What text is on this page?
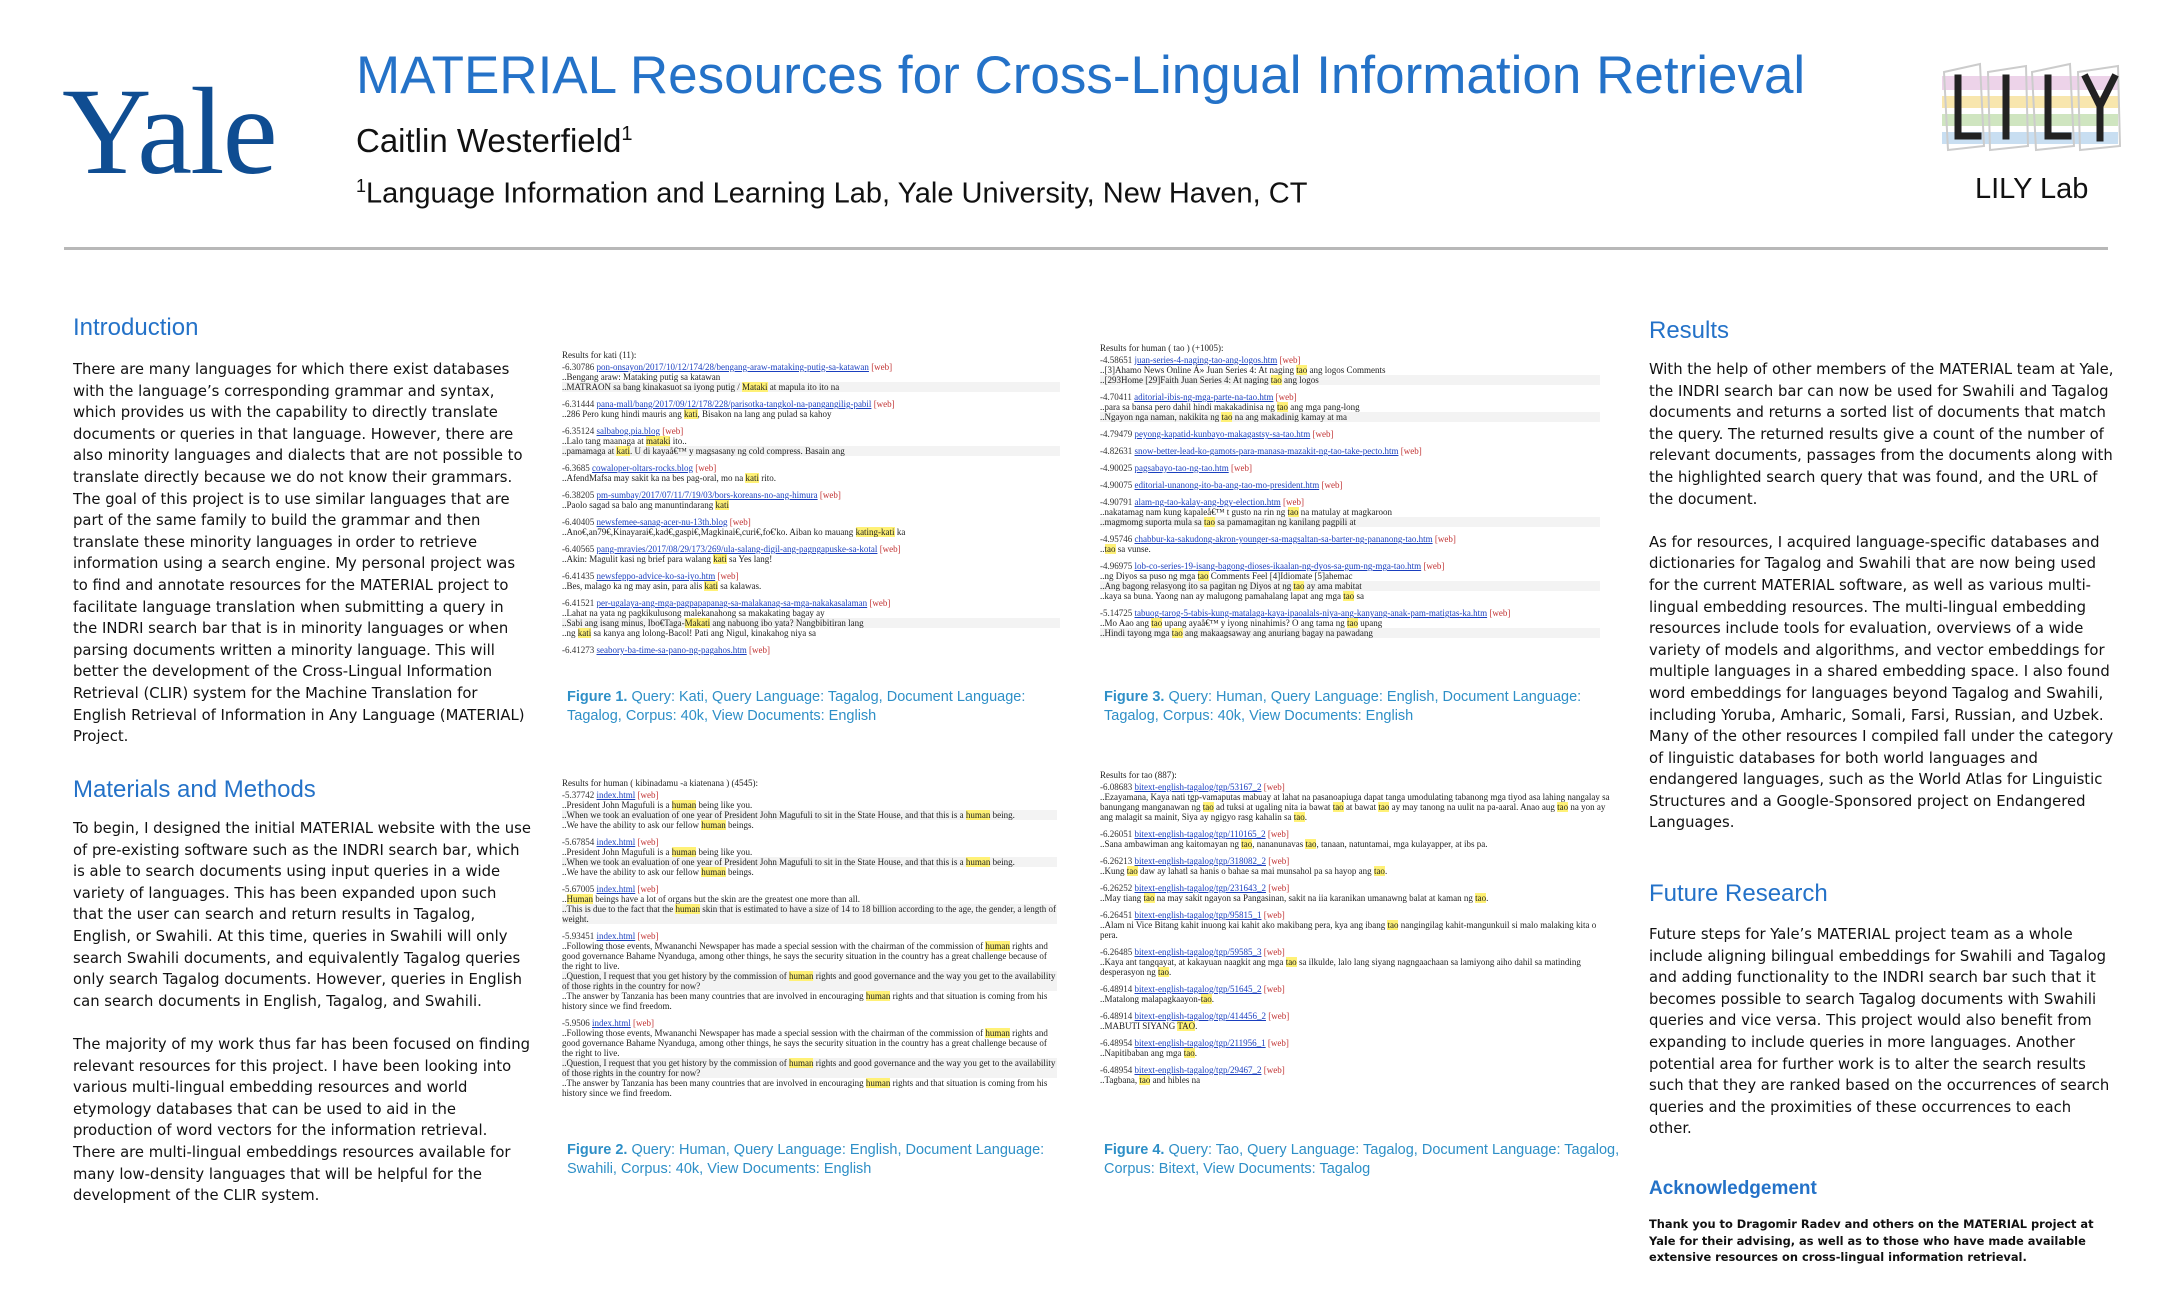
Yale MATERIAL Resources for Cross-Lingual Information Retrieval
Caitlin Westerfield$^1$
$^1$Language Information and Learning Lab, Yale University, New Haven, CT	LILY Lab
Introduction

There are many languages for which there exist databases with the language’s corresponding grammar and syntax, which provides us with the capability to directly translate documents or queries in that language. However, there are also minority languages and dialects that are not possible to translate directly because we do not know their grammars. The goal of this project is to use similar languages that are part of the same family to build the grammar and then translate these minority languages in order to retrieve information using a search engine. My personal project was to find and annotate resources for the MATERIAL project to facilitate language translation when submitting a query in the INDRI search bar that is in minority languages or when parsing documents written a minority language. This will better the development of the Cross-Lingual Information Retrieval (CLIR) system for the Machine Translation for English Retrieval of Information in Any Language (MATERIAL) Project.

Materials and Methods

To begin, I designed the initial MATERIAL website with the use of pre-existing software such as the INDRI search bar, which is able to search documents using input queries in a wide variety of languages. This has been expanded upon such that the user can search and return results in Tagalog, English, or Swahili. At this time, queries in Swahili will only search Swahili documents, and equivalently Tagalog queries only search Tagalog documents. However, queries in English can search documents in English, Tagalog, and Swahili.

The majority of my work thus far has been focused on finding relevant resources for this project. I have been looking into various multi-lingual embedding resources and world etymology databases that can be used to aid in the production of word vectors for the information retrieval. There are multi-lingual embeddings resources available for many low-density languages that will be helpful for the development of the CLIR system.

Results

With the help of other members of the MATERIAL team at Yale, the INDRI search bar can now be used for Swahili and Tagalog documents and returns a sorted list of documents that match the query. The returned results give a count of the number of relevant documents, passages from the documents along with the highlighted search query that was found, and the URL of the document.

As for resources, I acquired language-specific databases and dictionaries for Tagalog and Swahili that are now being used for the current MATERIAL software, as well as various multi-lingual embedding resources. The multi-lingual embedding resources include tools for evaluation, overviews of a wide variety of models and algorithms, and vector embeddings for multiple languages in a shared embedding space. I also found word embeddings for languages beyond Tagalog and Swahili, including Yoruba, Amharic, Somali, Farsi, Russian, and Uzbek. Many of the other resources I compiled fall under the category of linguistic databases for both world languages and endangered languages, such as the World Atlas for Linguistic Structures and a Google-Sponsored project on Endangered Languages.

Future Research

Future steps for Yale’s MATERIAL project team as a whole include aligning bilingual embeddings for Swahili and Tagalog and adding functionality to the INDRI search bar such that it becomes possible to search Tagalog documents with Swahili queries and vice versa. This project would also benefit from expanding to include queries in more languages. Another potential area for further work is to alter the search results such that they are ranked based on the occurrences of search queries and the proximities of these occurrences to each other.

Acknowledgement

Thank you to Dragomir Radev and others on the MATERIAL project at Yale for their advising, as well as to those who have made available extensive resources on cross-lingual information retrieval.

Results for kati (11):
-6.30786 pon-onsayon/2017/10/12/174/28/bengang-araw-mataking-putig-sa-katawan [web]
..Bengang araw: Mataking putig sa katawan
..MATRAON sa bang kinakasuot sa iyong putig / Mataki at mapula ito ito na
-6.31444 pana-mall/bang/2017/09/12/178/228/parisotka-tangkol-na-pangangilig-pabil [web]
..286 Pero kung hindi mauris ang kati, Bisakon na lang ang pulad sa kahoy
-6.35124 salbabog.pia.blog [web]
..Lalo tang maanaga at mataki ito..
..pamamaga at kati. U di kayaå€™ y magsasany ng cold compress. Basain ang
-6.3685 cowaloper-oltars-rocks.blog [web]
..AfendMafsa may sakit ka na bes pag-oral, mo na kati rito.
-6.38205 pm-sumbay/2017/07/11/7/19/03/bors-koreans-no-ang-himura [web]
..Paolo sagad sa balo ang manuntindarang kati
-6.40405 newsfemee-sanag-acer-nu-13th.blog [web]
..Ano€,an79€,Kinayarai€,kad€,gaspi€,Magkinai€,curi€,fo€'ko. Aiban ko mauang kating-kati ka
-6.40565 pang-mravies/2017/08/29/173/269/ula-salang-digil-ang-pagngapuske-sa-kotal [web]
..Akin: Magulit kasi ng brief para walang kati sa Yes lang!
-6.41435 newsfeppo-advice-ko-sa-iyo.htm [web]
..Bes, malago ka ng may asin, para alis kati sa kalawas.
-6.41521 per-ugalaya-ang-mga-pagpapapanag-sa-malakanag-sa-mga-nakakasalaman [web]
..Lahat na yata ng pagkikulusong malekanahong sa makakating bagay ay
..Sabi ang isang minus, Ibo€Taga-Makati ang nabuong ibo yata? Nangbibitiran lang
..ng kati sa kanya ang lolong-Bacol! Pati ang Nigul, kinakahog niya sa
-6.41273 seabory-ba-time-sa-pano-ng-pagahos.htm [web]
Figure 1. Query: Kati, Query Language: Tagalog, Document Language: Tagalog, Corpus: 40k, View Documents: English
Results for human ( tao ) (+1005):
-4.58651 juan-series-4-naging-tao-ang-logos.htm [web]
..[3]Ahamo News Online Á» Juan Series 4: At naging tao ang logos Comments
..[293Home [29]Faith Juan Series 4: At naging tao ang logos
-4.70411 aditorial-ibis-ng-mga-parte-na-tao.htm [web]
..para sa bansa pero dahil hindi makakadinisa ng tao ang mga pang-long
..Ngayon nga naman, nakikita ng tao na ang makadinig kamay at ma
-4.79479 peyong-kapatid-kunbayo-makagastsy-sa-tao.htm [web]
-4.82631 snow-better-lead-ko-gamots-para-manasa-mazakit-ng-tao-take-pecto.htm [web]
-4.90025 pagsabayo-tao-ng-tao.htm [web]
-4.90075 editorial-unanong-ito-ba-ang-tao-mo-president.htm [web]
-4.90791 alam-ng-tao-kalay-ang-bgy-election.htm [web]
..nakatamag nam kung kapaleå€™ t gusto na rin ng tao na matulay at magkaroon
..magmomg suporta mula sa tao sa pamamagitan ng kanilang pagpili at
-4.95746 chabbur-ka-sakudong-akron-younger-sa-magsaltan-sa-barter-ng-pananong-tao.htm [web]
..tao sa vunse.
-4.96975 lob-co-series-19-isang-bagong-dioses-ikaalan-ng-dyos-sa-gum-ng-mga-tao.htm [web]
..ng Diyos sa puso ng mga tao Comments Feel [4]Idiomate [5]ahemac
..Ang bagong relasyong ito sa pagitan ng Diyos at ng tao ay ama mabitat
..kaya sa buna. Yaong nan ay malugong pamahalang lapat ang mga tao sa
-5.14725 tabuog-tarog-5-tabis-kung-matalaga-kaya-ipaoalals-niya-ang-kanyang-anak-pam-matigtas-ka.htm [web]
..Mo Aao ang tao upang ayaå€™ y iyong ninahimis? O ang tama ng tao upang
..Hindi tayong mga tao ang makaagsaway ang anuriang bagay na pawadang
Figure 3. Query: Human, Query Language: English, Document Language: Tagalog, Corpus: 40k, View Documents: English
Results for human ( kibinadamu -a kiatenana ) (4545):
-5.37742 index.html [web]
..President John Magufuli is a human being like you.
..When we took an evaluation of one year of President John Magufuli to sit in the State House, and that this is a human being.
..We have the ability to ask our fellow human beings.
-5.67854 index.html [web]
..President John Magufuli is a human being like you.
..When we took an evaluation of one year of President John Magufuli to sit in the State House, and that this is a human being.
..We have the ability to ask our fellow human beings.
-5.67005 index.html [web]
..Human beings have a lot of organs but the skin are the greatest one more than all.
..This is due to the fact that the human skin that is estimated to have a size of 14 to 18 billion according to the age, the gender, a length of weight.
-5.93451 index.html [web]
..Following those events, Mwananchi Newspaper has made a special session with the chairman of the commission of human rights and good governance Bahame Nyanduga, among other things, he says the security situation in the country has a great challenge because of the right to live.
..Question, I request that you get history by the commission of human rights and good governance and the way you get to the availability of those rights in the country for now?
..The answer by Tanzania has been many countries that are involved in encouraging human rights and that situation is coming from his history since we find freedom.
-5.9506 index.html [web]
..Following those events, Mwananchi Newspaper has made a special session with the chairman of the commission of human rights and good governance Bahame Nyanduga, among other things, he says the security situation in the country has a great challenge because of the right to live.
..Question, I request that you get history by the commission of human rights and good governance and the way you get to the availability of those rights in the country for now?
..The answer by Tanzania has been many countries that are involved in encouraging human rights and that situation is coming from his history since we find freedom.
Figure 2. Query: Human, Query Language: English, Document Language: Swahili, Corpus: 40k, View Documents: English
Results for tao (887):
-6.08683 bitext-english-tagalog/tgp/53167_2 [web]
..Ezayamana, Kaya nati tgp-vamaputas mabuay at lahat na pasanoapiuga dapat tanga umodulating tabanong mga tiyod asa lahing nangalay sa banungang manganawan ng tao ad tuksi at ugaling nita ia bawat tao at bawat tao ay may tanong na uulit na pa-aaral. Anao aug tao na yon ay ang malagit sa mainit, Siya ay ngigyo rasg kahalin sa tao.
-6.26051 bitext-english-tagalog/tgp/110165_2 [web]
..Sana ambawiman ang kaitomayan ng tao, nananunavas tao, tanaan, natuntamai, mga kulayapper, at ibs pa.
-6.26213 bitext-english-tagalog/tgp/318082_2 [web]
..Kung tao daw ay lahatl sa hanis o bahae sa mai munsahol pa sa hayop ang tao.
-6.26252 bitext-english-tagalog/tgp/231643_2 [web]
..May tiang tao na may sakit ngayon sa Pangasinan, sakit na iia karanikan umanawng balat at kaman ng tao.
-6.26451 bitext-english-tagalog/tgp/95815_1 [web]
..Alam ni Vice Bitang kahit inuong kai kahit ako makibang pera, kya ang ibang tao nangingilag kahit-mangunkuil si malo malaking kita o pera.
-6.26485 bitext-english-tagalog/tgp/59585_3 [web]
..Kaya ant tangqayat, at kakayuan naagkit ang mga tao sa ilkulde, lalo lang siyang nagngaachaan sa lamiyong aiho dahil sa matinding desperasyon ng tao.
-6.48914 bitext-english-tagalog/tgp/51645_2 [web]
..Matalong malapagkaayon-tao.
-6.48914 bitext-english-tagalog/tgp/414456_2 [web]
..MABUTI SIYANG TAO.
-6.48954 bitext-english-tagalog/tgp/211956_1 [web]
..Napitibaban ang mga tao.
-6.48954 bitext-english-tagalog/tgp/29467_2 [web]
..Tagbana, tao and hibles na
Figure 4. Query: Tao, Query Language: Tagalog, Document Language: Tagalog, Corpus: Bitext, View Documents: Tagalog
